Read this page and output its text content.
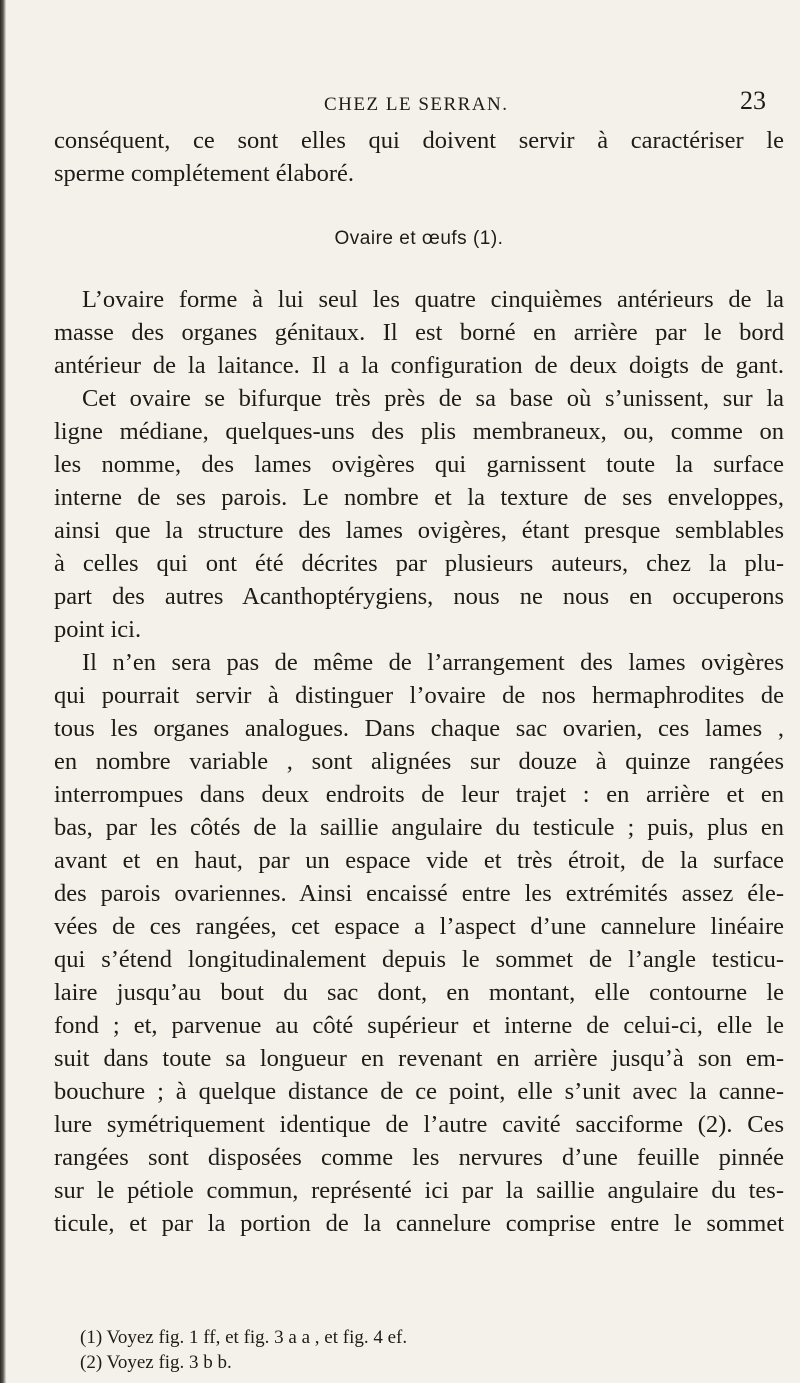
CHEZ LE SERRAN.	23
conséquent, ce sont elles qui doivent servir à caractériser le
sperme complétement élaboré.
Ovaire et œufs (1).
L’ovaire forme à lui seul les quatre cinquièmes antérieurs de la
masse des organes génitaux. Il est borné en arrière par le bord
antérieur de la laitance. Il a la configuration de deux doigts de gant.
Cet ovaire se bifurque très près de sa base où s’unissent, sur la
ligne médiane, quelques-uns des plis membraneux, ou, comme on
les nomme, des lames ovigères qui garnissent toute la surface
interne de ses parois. Le nombre et la texture de ses enveloppes,
ainsi que la structure des lames ovigères, étant presque semblables
à celles qui ont été décrites par plusieurs auteurs, chez la plu-
part des autres Acanthoptérygiens, nous ne nous en occuperons
point ici.
Il n’en sera pas de même de l’arrangement des lames ovigères
qui pourrait servir à distinguer l’ovaire de nos hermaphrodites de
tous les organes analogues. Dans chaque sac ovarien, ces lames ,
en nombre variable , sont alignées sur douze à quinze rangées
interrompues dans deux endroits de leur trajet : en arrière et en
bas, par les côtés de la saillie angulaire du testicule ; puis, plus en
avant et en haut, par un espace vide et très étroit, de la surface
des parois ovariennes. Ainsi encaissé entre les extrémités assez éle-
vées de ces rangées, cet espace a l’aspect d’une cannelure linéaire
qui s’étend longitudinalement depuis le sommet de l’angle testicu-
laire jusqu’au bout du sac dont, en montant, elle contourne le
fond ; et, parvenue au côté supérieur et interne de celui-ci, elle le
suit dans toute sa longueur en revenant en arrière jusqu’à son em-
bouchure ; à quelque distance de ce point, elle s’unit avec la canne-
lure symétriquement identique de l’autre cavité sacciforme (2). Ces
rangées sont disposées comme les nervures d’une feuille pinnée
sur le pétiole commun, représenté ici par la saillie angulaire du tes-
ticule, et par la portion de la cannelure comprise entre le sommet
(1) Voyez fig. 1 ff, et fig. 3 a a , et fig. 4 ef.
(2) Voyez fig. 3 b b.
